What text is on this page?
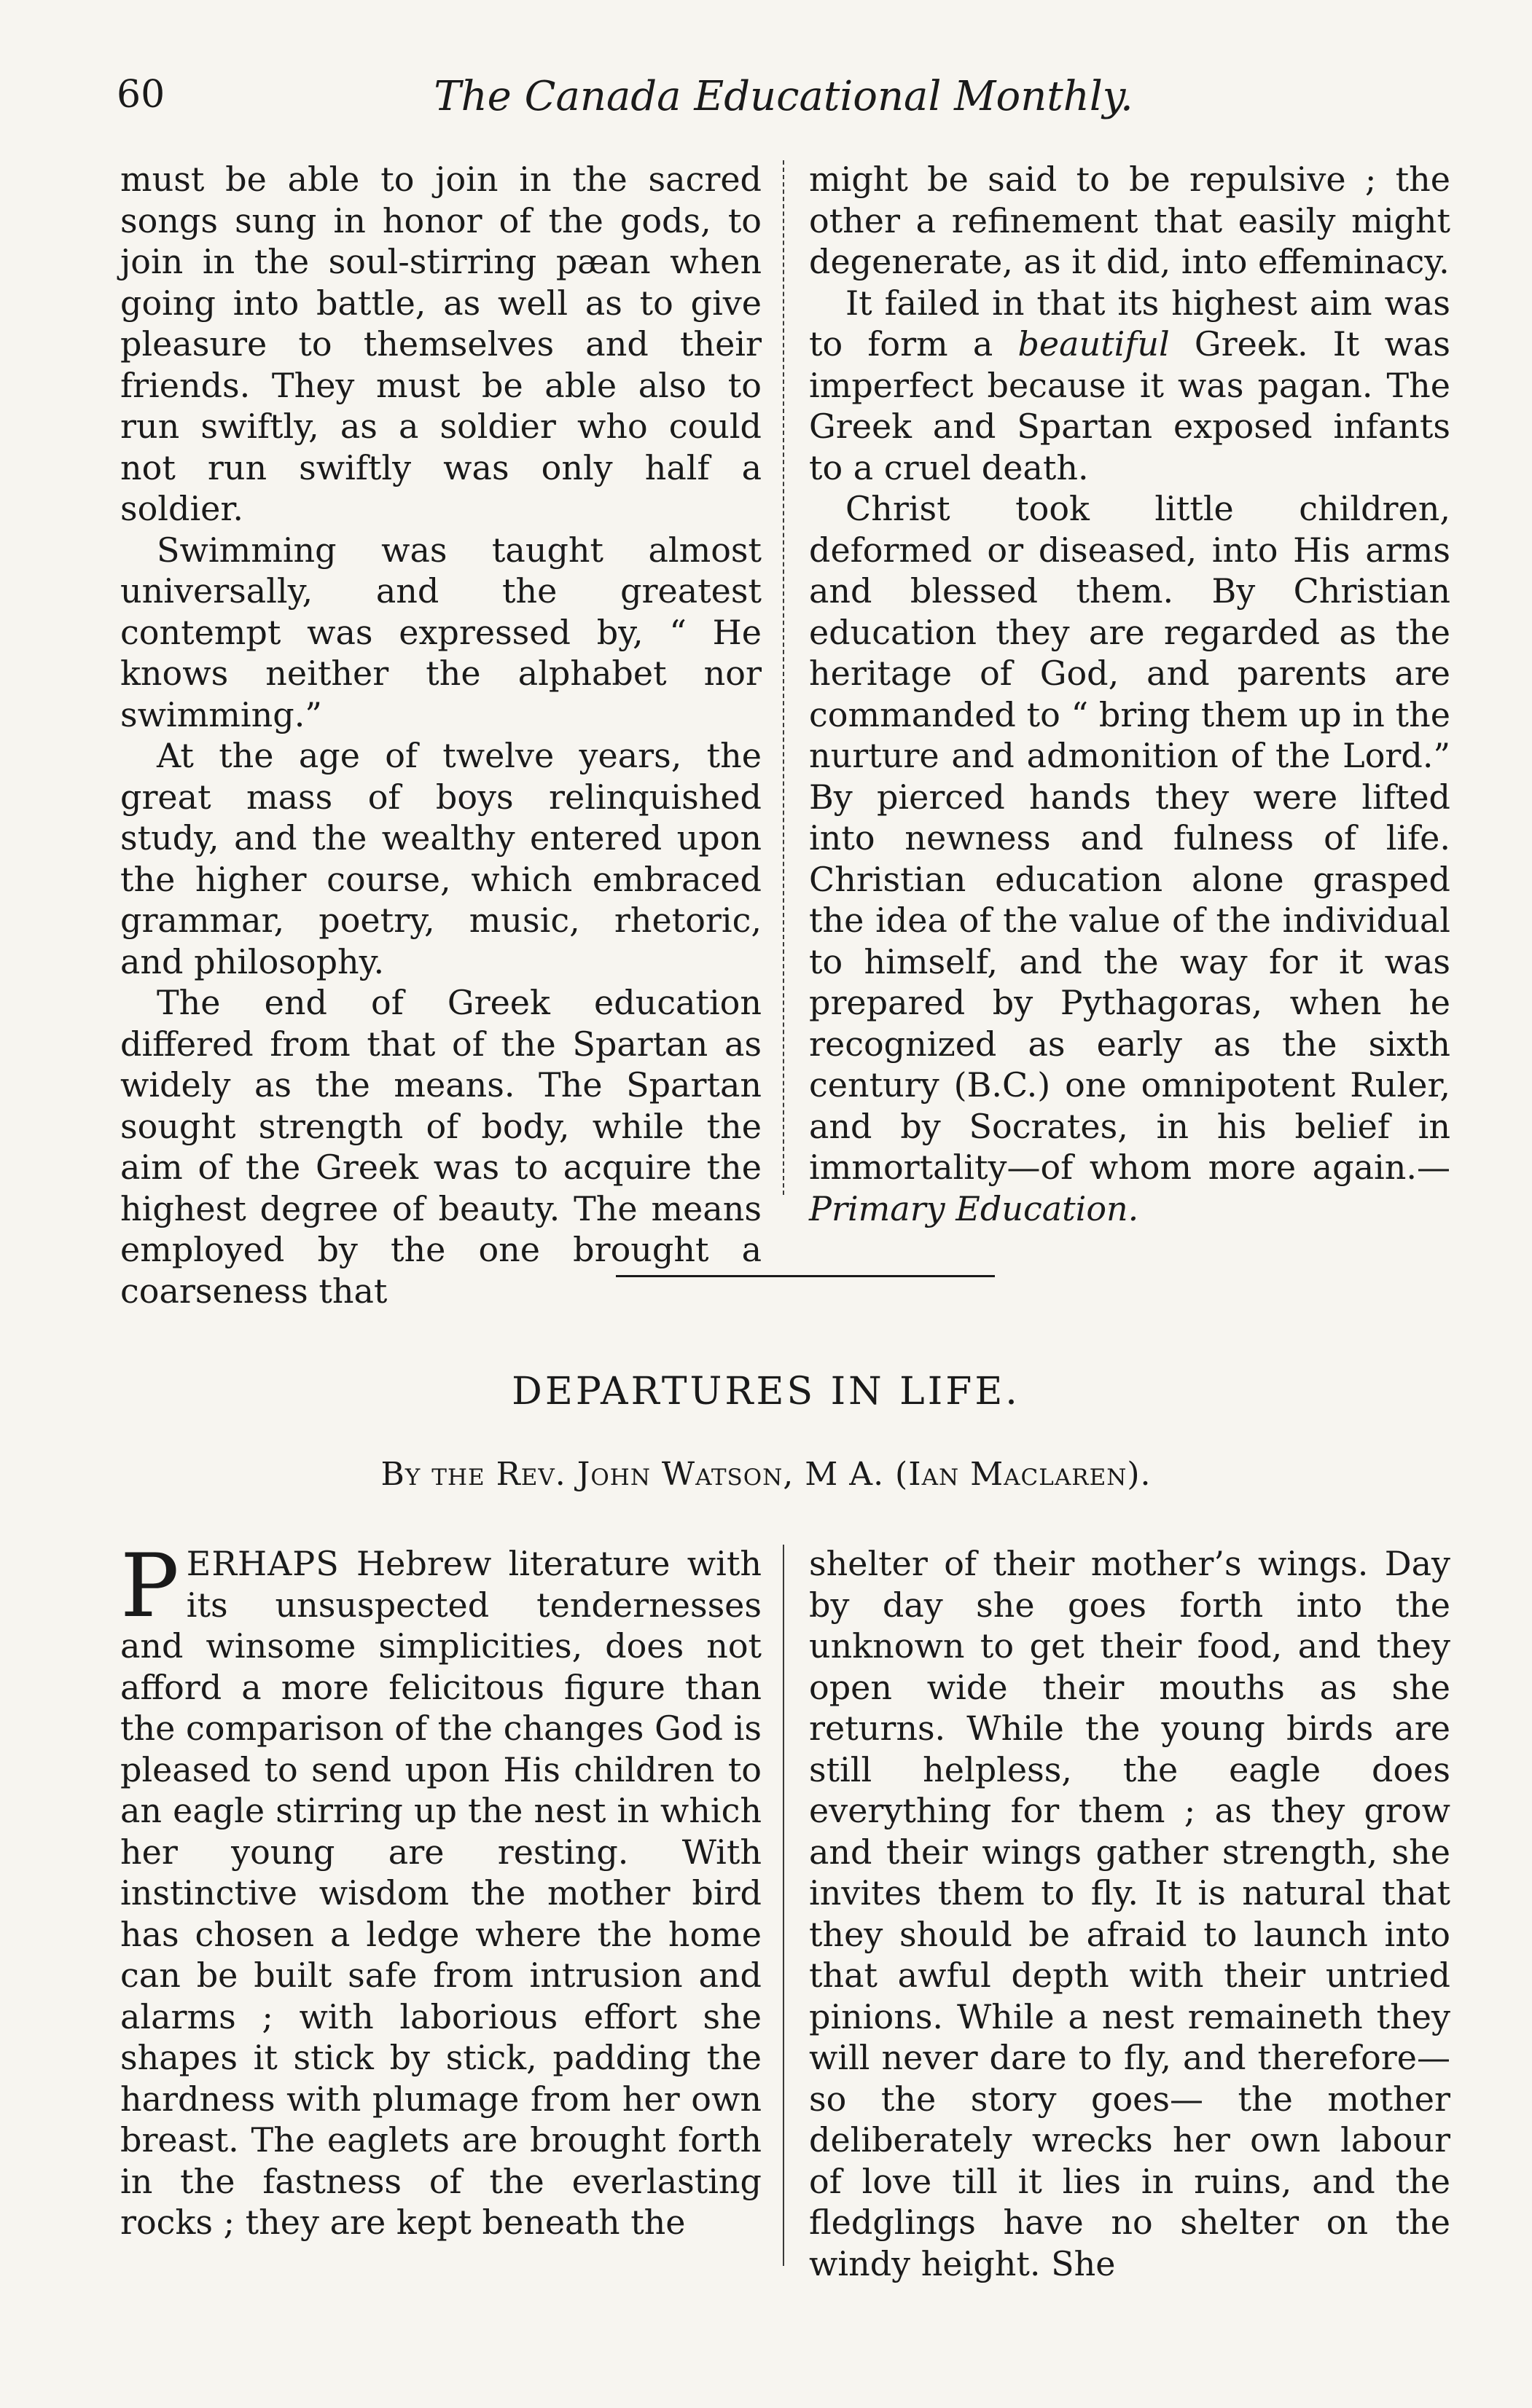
60	The Canada Educational Monthly.

must be able to join in the sacred songs sung in honor of the gods, to join in the soul-stirring pæan when going into battle, as well as to give pleasure to themselves and their friends. They must be able also to run swiftly, as a soldier who could not run swiftly was only half a soldier.

Swimming was taught almost universally, and the greatest contempt was expressed by, “ He knows neither the alphabet nor swimming.”

At the age of twelve years, the great mass of boys relinquished study, and the wealthy entered upon the higher course, which embraced grammar, poetry, music, rhetoric, and philosophy.

The end of Greek education differed from that of the Spartan as widely as the means. The Spartan sought strength of body, while the aim of the Greek was to acquire the highest degree of beauty. The means employed by the one brought a coarseness that

might be said to be repulsive ; the other a refinement that easily might degenerate, as it did, into effeminacy.

It failed in that its highest aim was to form a beautiful Greek. It was imperfect because it was pagan. The Greek and Spartan exposed infants to a cruel death.

Christ took little children, deformed or diseased, into His arms and blessed them. By Christian education they are regarded as the heritage of God, and parents are commanded to “ bring them up in the nurture and admonition of the Lord.” By pierced hands they were lifted into newness and fulness of life. Christian education alone grasped the idea of the value of the individual to himself, and the way for it was prepared by Pythagoras, when he recognized as early as the sixth century (B.C.) one omnipotent Ruler, and by Socrates, in his belief in immortality—of whom more again.—Primary Education.

DEPARTURES IN LIFE.
By the Rev. John Watson, M A. (Ian Maclaren).

PERHAPS Hebrew literature with its unsuspected tendernesses and winsome simplicities, does not afford a more felicitous figure than the comparison of the changes God is pleased to send upon His children to an eagle stirring up the nest in which her young are resting. With instinctive wisdom the mother bird has chosen a ledge where the home can be built safe from intrusion and alarms ; with laborious effort she shapes it stick by stick, padding the hardness with plumage from her own breast. The eaglets are brought forth in the fastness of the everlasting rocks ; they are kept beneath the

shelter of their mother’s wings. Day by day she goes forth into the unknown to get their food, and they open wide their mouths as she returns. While the young birds are still helpless, the eagle does everything for them ; as they grow and their wings gather strength, she invites them to fly. It is natural that they should be afraid to launch into that awful depth with their untried pinions. While a nest remaineth they will never dare to fly, and therefore—so the story goes— the mother deliberately wrecks her own labour of love till it lies in ruins, and the fledglings have no shelter on the windy height. She
